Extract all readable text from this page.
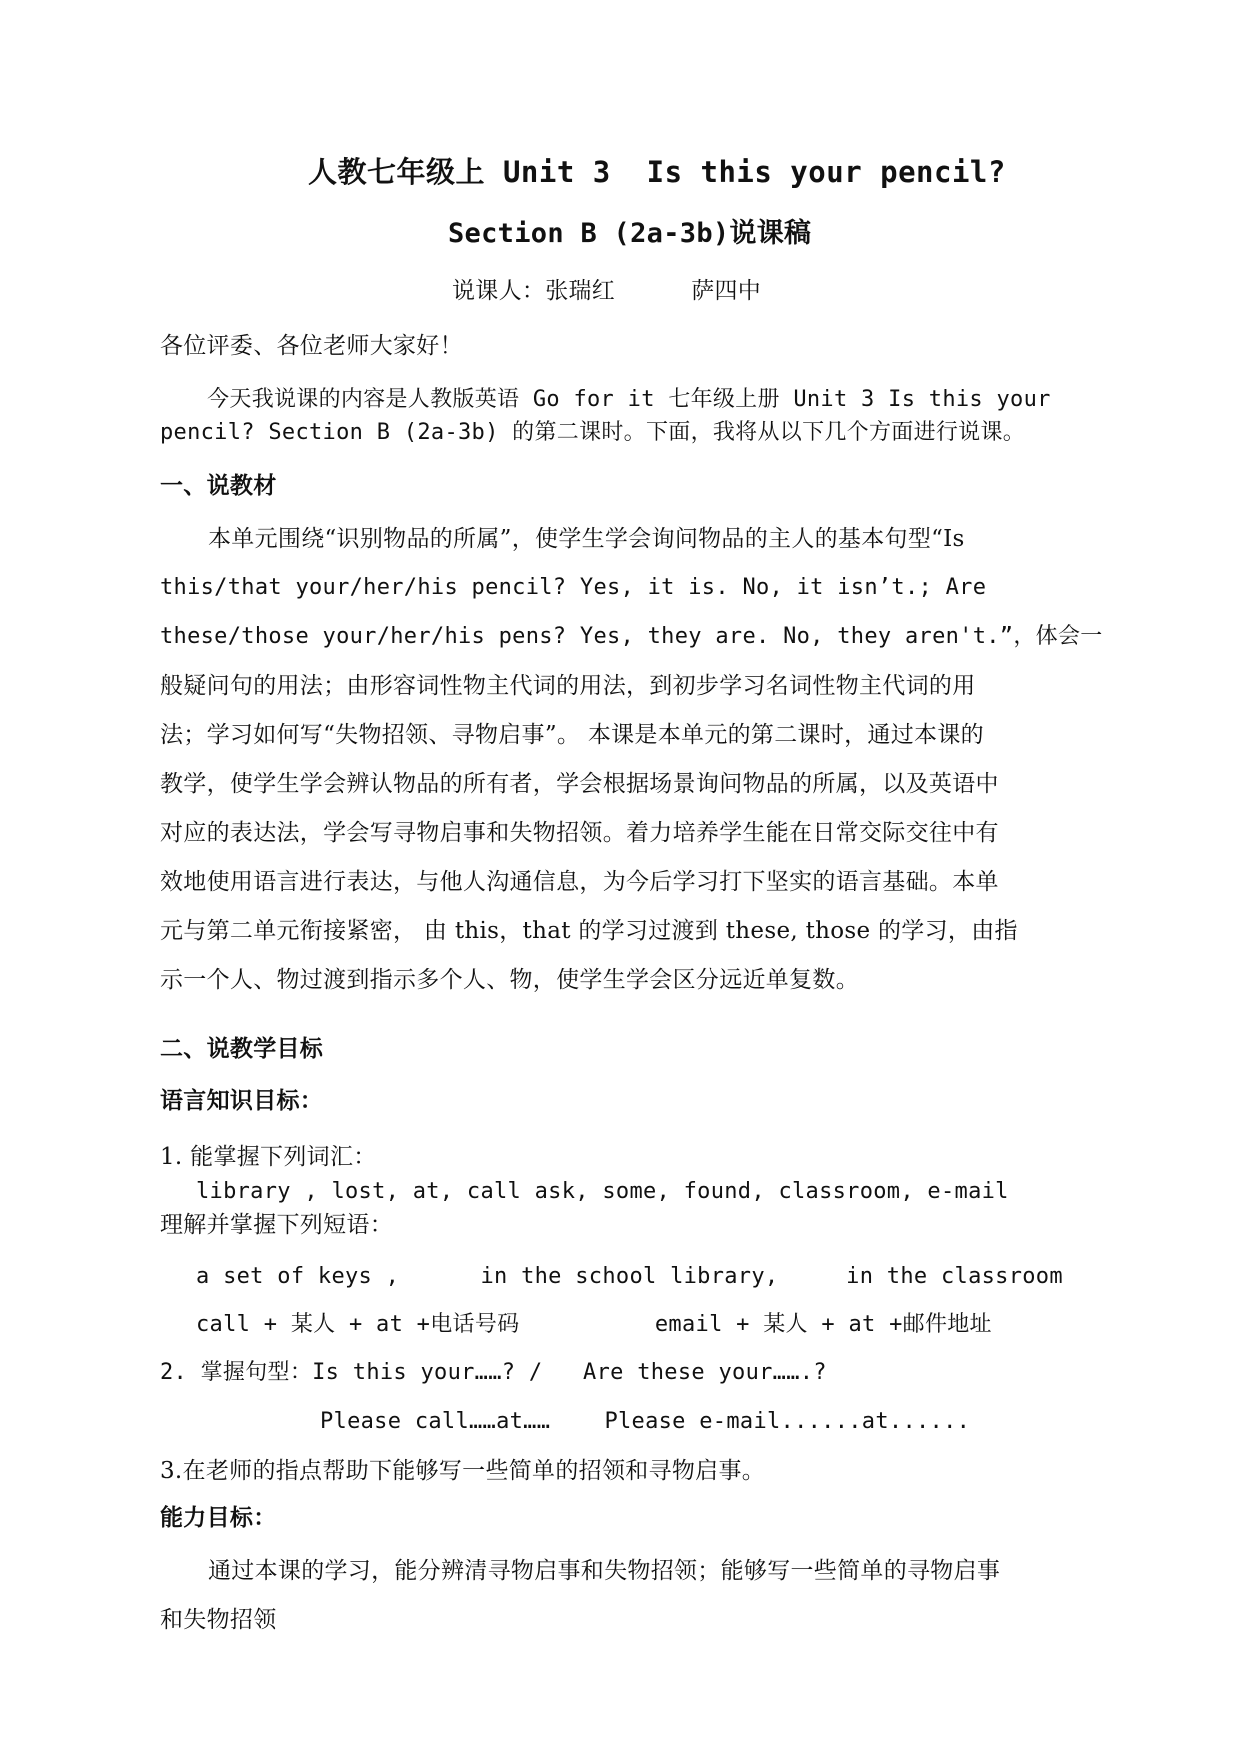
人教七年级上 Unit 3  Is this your pencil?
Section B (2a-3b)说课稿
说课人：张瑞红          萨四中
各位评委、各位老师大家好！
今天我说课的内容是人教版英语 Go for it 七年级上册 Unit 3 Is this your
pencil? Section B (2a-3b) 的第二课时。下面，我将从以下几个方面进行说课。
一、说教材
本单元围绕“识别物品的所属”，使学生学会询问物品的主人的基本句型“Is
this/that your/her/his pencil? Yes, it is. No, it isn’t.; Are
these/those your/her/his pens? Yes, they are. No, they aren't.”，体会一
般疑问句的用法；由形容词性物主代词的用法，到初步学习名词性物主代词的用
法；学习如何写“失物招领、寻物启事”。 本课是本单元的第二课时，通过本课的
教学，使学生学会辨认物品的所有者，学会根据场景询问物品的所属，以及英语中
对应的表达法，学会写寻物启事和失物招领。着力培养学生能在日常交际交往中有
效地使用语言进行表达，与他人沟通信息，为今后学习打下坚实的语言基础。本单
元与第二单元衔接紧密， 由 this，that 的学习过渡到 these, those 的学习，由指
示一个人、物过渡到指示多个人、物，使学生学会区分远近单复数。
二、说教学目标
语言知识目标：
1. 能掌握下列词汇：
library , lost, at, call ask, some, found, classroom, e-mail
理解并掌握下列短语：
a set of keys ,      in the school library,     in the classroom
call + 某人 + at +电话号码          email + 某人 + at +邮件地址
2. 掌握句型：Is this your……? /   Are these your…….?
Please call……at……    Please e-mail......at......
3.在老师的指点帮助下能够写一些简单的招领和寻物启事。
能力目标：
通过本课的学习，能分辨清寻物启事和失物招领；能够写一些简单的寻物启事
和失物招领
